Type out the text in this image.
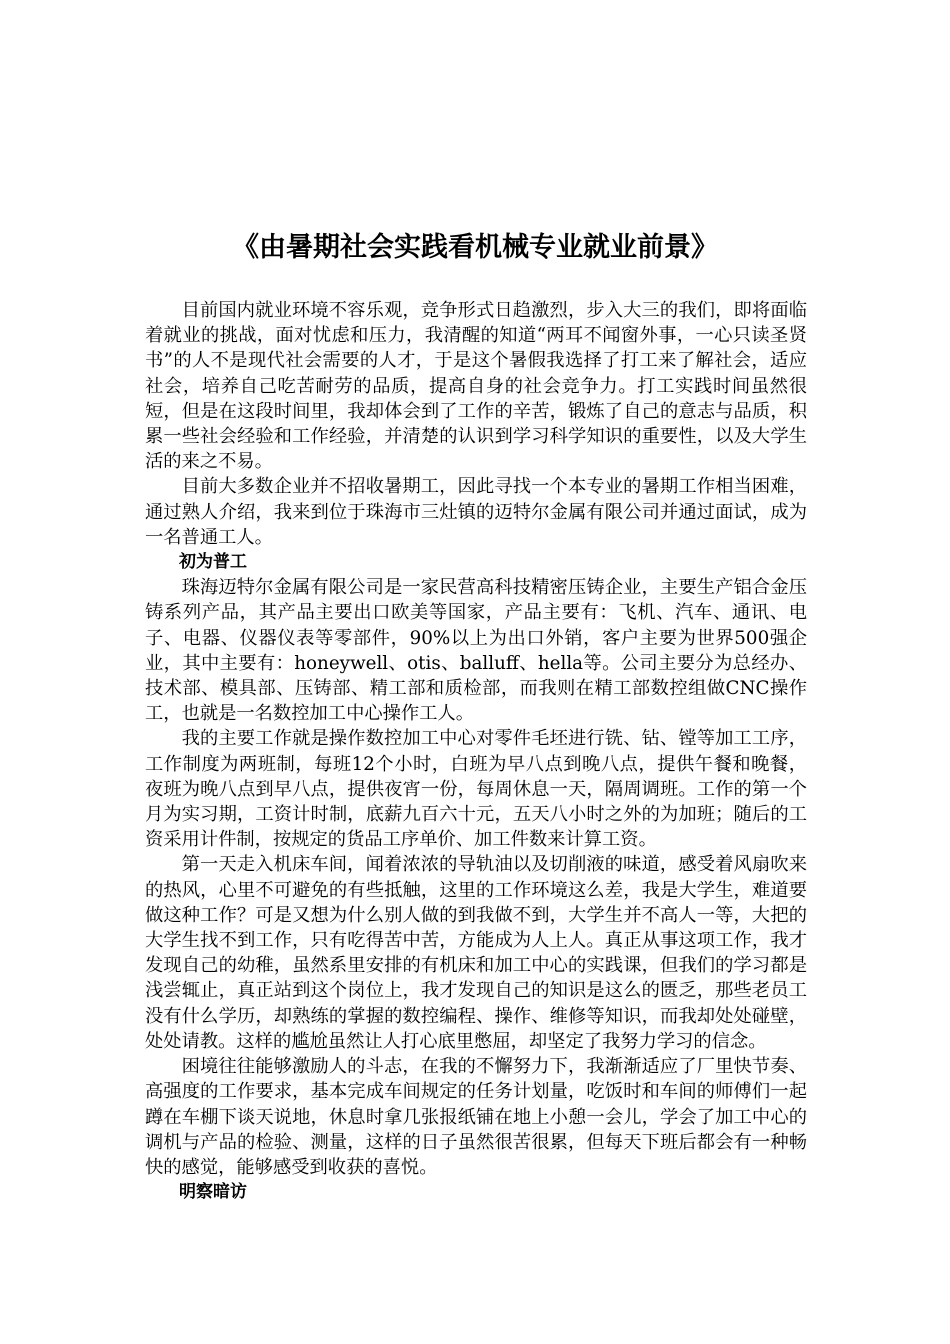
《由暑期社会实践看机械专业就业前景》

目前国内就业环境不容乐观，竞争形式日趋激烈，步入大三的我们，即将面临着就业的挑战，面对忧虑和压力，我清醒的知道“两耳不闻窗外事，一心只读圣贤书”的人不是现代社会需要的人才，于是这个暑假我选择了打工来了解社会，适应社会，培养自己吃苦耐劳的品质，提高自身的社会竞争力。打工实践时间虽然很短，但是在这段时间里，我却体会到了工作的辛苦，锻炼了自己的意志与品质，积累一些社会经验和工作经验，并清楚的认识到学习科学知识的重要性，以及大学生活的来之不易。

目前大多数企业并不招收暑期工，因此寻找一个本专业的暑期工作相当困难，通过熟人介绍，我来到位于珠海市三灶镇的迈特尔金属有限公司并通过面试，成为一名普通工人。

初为普工

珠海迈特尔金属有限公司是一家民营高科技精密压铸企业，主要生产铝合金压铸系列产品，其产品主要出口欧美等国家，产品主要有：飞机、汽车、通讯、电子、电器、仪器仪表等零部件，90%以上为出口外销，客户主要为世界500强企业，其中主要有：honeywell、otis、balluff、hella等。公司主要分为总经办、技术部、模具部、压铸部、精工部和质检部，而我则在精工部数控组做CNC操作工，也就是一名数控加工中心操作工人。

我的主要工作就是操作数控加工中心对零件毛坯进行铣、钻、镗等加工工序，工作制度为两班制，每班12个小时，白班为早八点到晚八点，提供午餐和晚餐，夜班为晚八点到早八点，提供夜宵一份，每周休息一天，隔周调班。工作的第一个月为实习期，工资计时制，底薪九百六十元，五天八小时之外的为加班；随后的工资采用计件制，按规定的货品工序单价、加工件数来计算工资。

第一天走入机床车间，闻着浓浓的导轨油以及切削液的味道，感受着风扇吹来的热风，心里不可避免的有些抵触，这里的工作环境这么差，我是大学生，难道要做这种工作？可是又想为什么别人做的到我做不到，大学生并不高人一等，大把的大学生找不到工作，只有吃得苦中苦，方能成为人上人。真正从事这项工作，我才发现自己的幼稚，虽然系里安排的有机床和加工中心的实践课，但我们的学习都是浅尝辄止，真正站到这个岗位上，我才发现自己的知识是这么的匮乏，那些老员工没有什么学历，却熟练的掌握的数控编程、操作、维修等知识，而我却处处碰壁，处处请教。这样的尴尬虽然让人打心底里憋屈，却坚定了我努力学习的信念。

困境往往能够激励人的斗志，在我的不懈努力下，我渐渐适应了厂里快节奏、高强度的工作要求，基本完成车间规定的任务计划量，吃饭时和车间的师傅们一起蹲在车棚下谈天说地，休息时拿几张报纸铺在地上小憩一会儿，学会了加工中心的调机与产品的检验、测量，这样的日子虽然很苦很累，但每天下班后都会有一种畅快的感觉，能够感受到收获的喜悦。

明察暗访
